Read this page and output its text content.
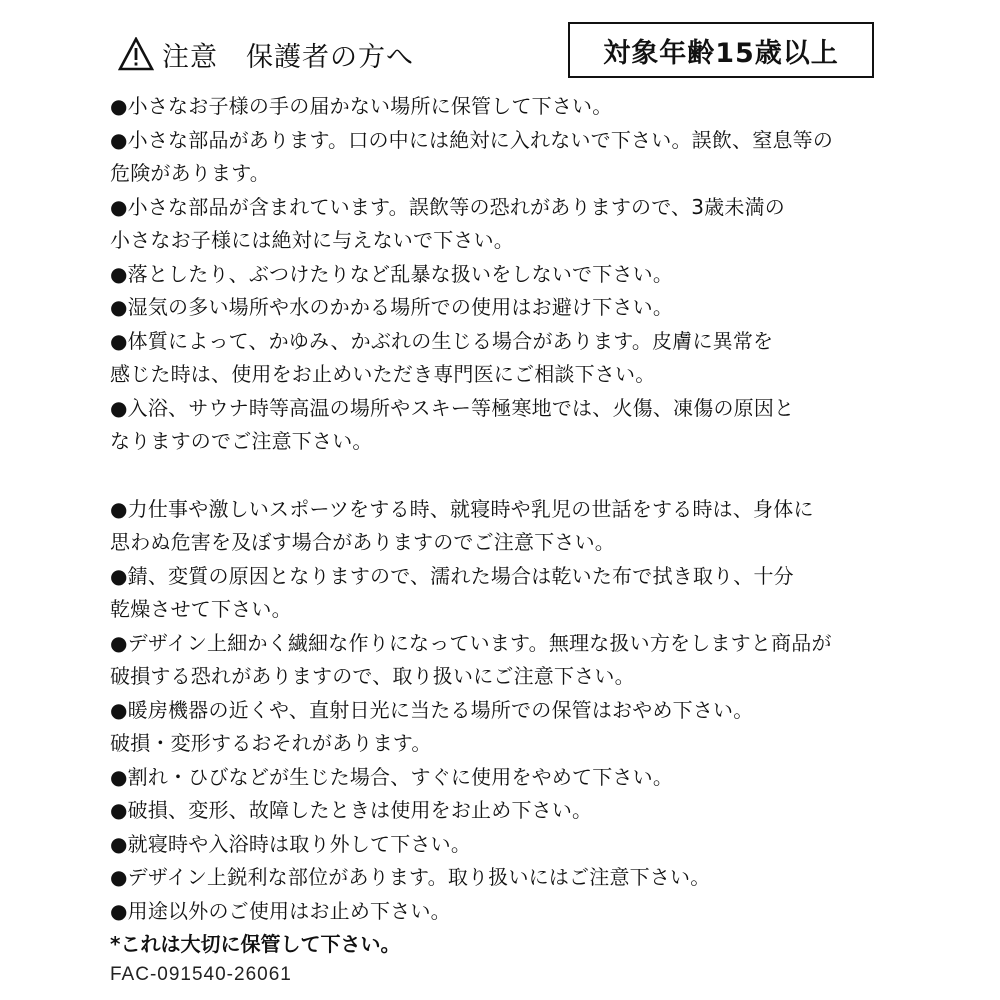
注意　保護者の方へ	対象年齢15歳以上
●小さなお子様の手の届かない場所に保管して下さい。
●小さな部品があります。口の中には絶対に入れないで下さい。誤飲、窒息等の
危険があります。
●小さな部品が含まれています。誤飲等の恐れがありますので、3歳未満の
小さなお子様には絶対に与えないで下さい。
●落としたり、ぶつけたりなど乱暴な扱いをしないで下さい。
●湿気の多い場所や水のかかる場所での使用はお避け下さい。
●体質によって、かゆみ、かぶれの生じる場合があります。皮膚に異常を
感じた時は、使用をお止めいただき専門医にご相談下さい。
●入浴、サウナ時等高温の場所やスキー等極寒地では、火傷、凍傷の原因と
なりますのでご注意下さい。
●力仕事や激しいスポーツをする時、就寝時や乳児の世話をする時は、身体に
思わぬ危害を及ぼす場合がありますのでご注意下さい。
●錆、変質の原因となりますので、濡れた場合は乾いた布で拭き取り、十分
乾燥させて下さい。
●デザイン上細かく繊細な作りになっています。無理な扱い方をしますと商品が
破損する恐れがありますので、取り扱いにご注意下さい。
●暖房機器の近くや、直射日光に当たる場所での保管はおやめ下さい。
破損・変形するおそれがあります。
●割れ・ひびなどが生じた場合、すぐに使用をやめて下さい。
●破損、変形、故障したときは使用をお止め下さい。
●就寝時や入浴時は取り外して下さい。
●デザイン上鋭利な部位があります。取り扱いにはご注意下さい。
●用途以外のご使用はお止め下さい。
*これは大切に保管して下さい。
FAC-091540-26061
